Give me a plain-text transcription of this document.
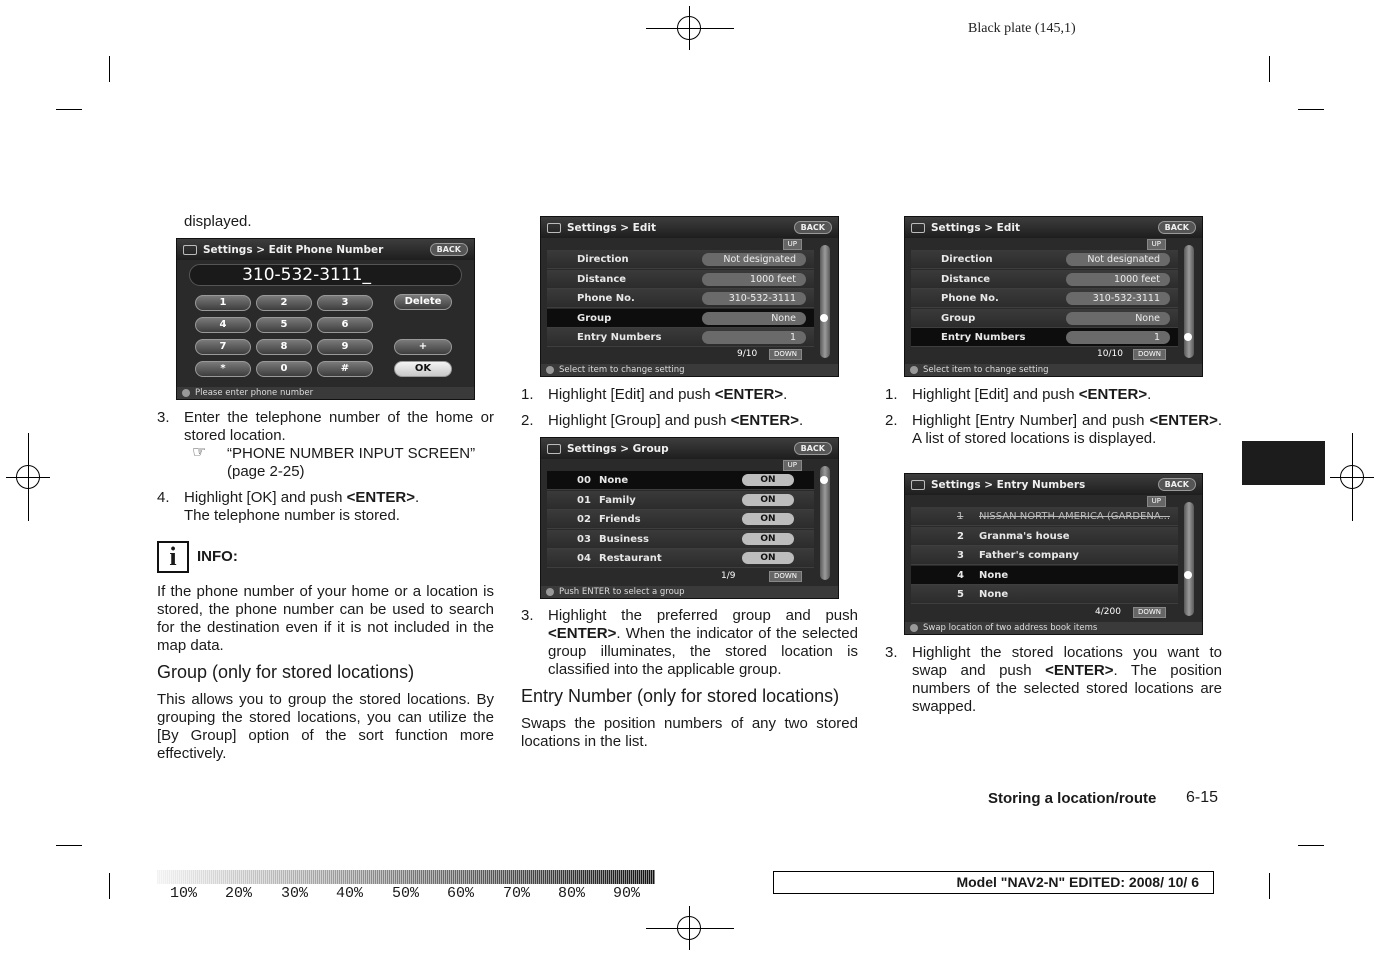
Black plate (145,1)
displayed.
Settings > Edit Phone Number	BACK
310-532-3111_
1	2	3
4	5	6
7	8	9
*	0	#
Delete
+
OK
Please enter phone number
3. Enter the telephone number of the home or stored location.
☞ “PHONE NUMBER INPUT SCREEN” (page 2-25)
4. Highlight [OK] and push <ENTER>.
The telephone number is stored.
i	INFO:
If the phone number of your home or a location is stored, the phone number can be used to search for the destination even if it is not included in the map data.
Group (only for stored locations)
This allows you to group the stored locations. By grouping the stored locations, you can utilize the [By Group] option of the sort function more effectively.
Settings > Edit	BACK
UP
Direction	Not designated
Distance	1000 feet
Phone No.	310-532-3111
Group	None
Entry Numbers	1
9/10	DOWN
Select item to change setting
1. Highlight [Edit] and push <ENTER>.
2. Highlight [Group] and push <ENTER>.
Settings > Group	BACK
UP
00 None	ON
01 Family	ON
02 Friends	ON
03 Business	ON
04 Restaurant	ON
1/9	DOWN
Push ENTER to select a group
3. Highlight the preferred group and push <ENTER>. When the indicator of the selected group illuminates, the stored location is classified into the applicable group.
Entry Number (only for stored locations)
Swaps the position numbers of any two stored locations in the list.
Settings > Edit	BACK
UP
Direction	Not designated
Distance	1000 feet
Phone No.	310-532-3111
Group	None
Entry Numbers	1
10/10	DOWN
Select item to change setting
1. Highlight [Edit] and push <ENTER>.
2. Highlight [Entry Number] and push <ENTER>. A list of stored locations is displayed.
Settings > Entry Numbers	BACK
UP
1	NISSAN NORTH AMERICA (GARDENA...
2	Granma's house
3	Father's company
4	None
5	None
4/200	DOWN
Swap location of two address book items
3. Highlight the stored locations you want to swap and push <ENTER>. The position numbers of the selected stored locations are swapped.
Storing a location/route 6-15
10% 20% 30% 40% 50% 60% 70% 80% 90%
Model "NAV2-N" EDITED: 2008/ 10/ 6
